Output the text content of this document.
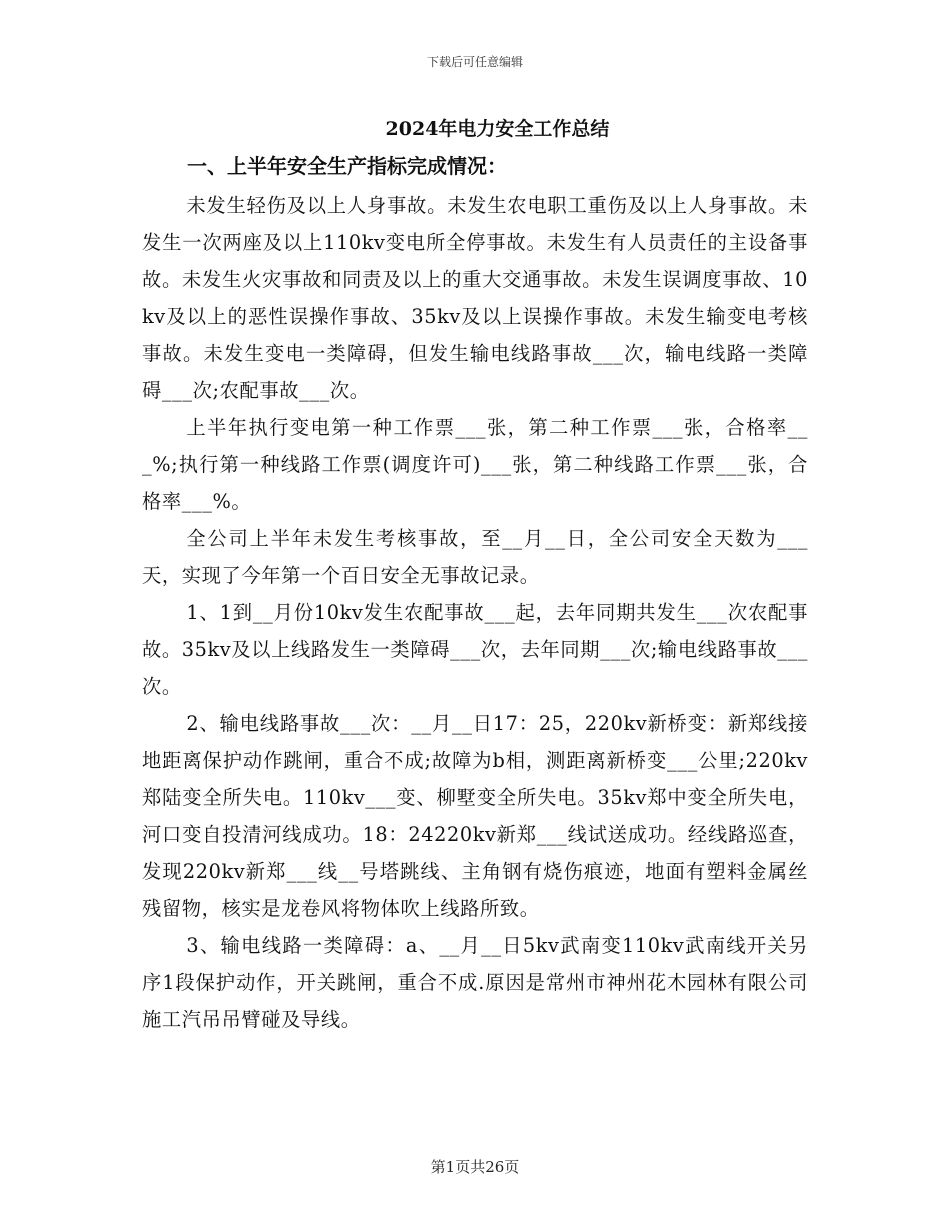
下载后可任意编辑
2024年电力安全工作总结
一、上半年安全生产指标完成情况：

未发生轻伤及以上人身事故。未发生农电职工重伤及以上人身事故。未发生一次两座及以上110kv变电所全停事故。未发生有人员责任的主设备事故。未发生火灾事故和同责及以上的重大交通事故。未发生误调度事故、10kv及以上的恶性误操作事故、35kv及以上误操作事故。未发生输变电考核事故。未发生变电一类障碍，但发生输电线路事故___次，输电线路一类障碍___次;农配事故___次。

上半年执行变电第一种工作票___张，第二种工作票___张，合格率___%;执行第一种线路工作票(调度许可)___张，第二种线路工作票___张，合格率___%。

全公司上半年未发生考核事故，至__月__日，全公司安全天数为___天，实现了今年第一个百日安全无事故记录。

1、1到__月份10kv发生农配事故___起，去年同期共发生___次农配事故。35kv及以上线路发生一类障碍___次，去年同期___次;输电线路事故___次。

2、输电线路事故___次：__月__日17：25，220kv新桥变：新郑线接地距离保护动作跳闸，重合不成;故障为b相，测距离新桥变___公里;220kv郑陆变全所失电。110kv___变、柳墅变全所失电。35kv郑中变全所失电，河口变自投清河线成功。18：24220kv新郑___线试送成功。经线路巡查，发现220kv新郑___线__号塔跳线、主角钢有烧伤痕迹，地面有塑料金属丝残留物，核实是龙卷风将物体吹上线路所致。

3、输电线路一类障碍：a、__月__日5kv武南变110kv武南线开关另序1段保护动作，开关跳闸，重合不成.原因是常州市神州花木园林有限公司施工汽吊吊臂碰及导线。

第1页共26页
